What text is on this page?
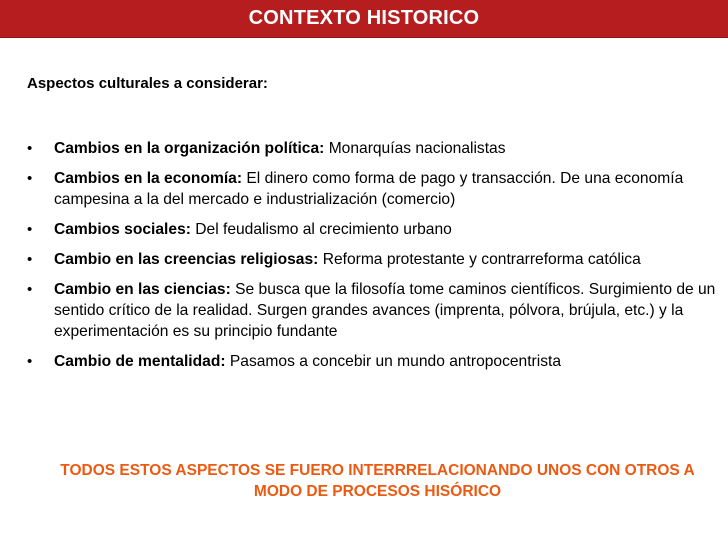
CONTEXTO HISTORICO
Aspectos culturales a considerar:
• Cambios en la organización política: Monarquías nacionalistas
• Cambios en la economía: El dinero como forma de pago y transacción. De una economía campesina a la del mercado e industrialización (comercio)
• Cambios sociales: Del feudalismo al crecimiento urbano
• Cambio en las creencias religiosas: Reforma protestante y contrarreforma católica
• Cambio en las ciencias: Se busca que la filosofía tome caminos científicos. Surgimiento de un sentido crítico de la realidad. Surgen grandes avances (imprenta, pólvora, brújula, etc.) y la experimentación es su principio fundante
• Cambio de mentalidad: Pasamos a concebir un mundo antropocentrista
TODOS ESTOS ASPECTOS SE FUERO INTERRRELACIONANDO UNOS CON OTROS A MODO DE PROCESOS HISÓRICO
